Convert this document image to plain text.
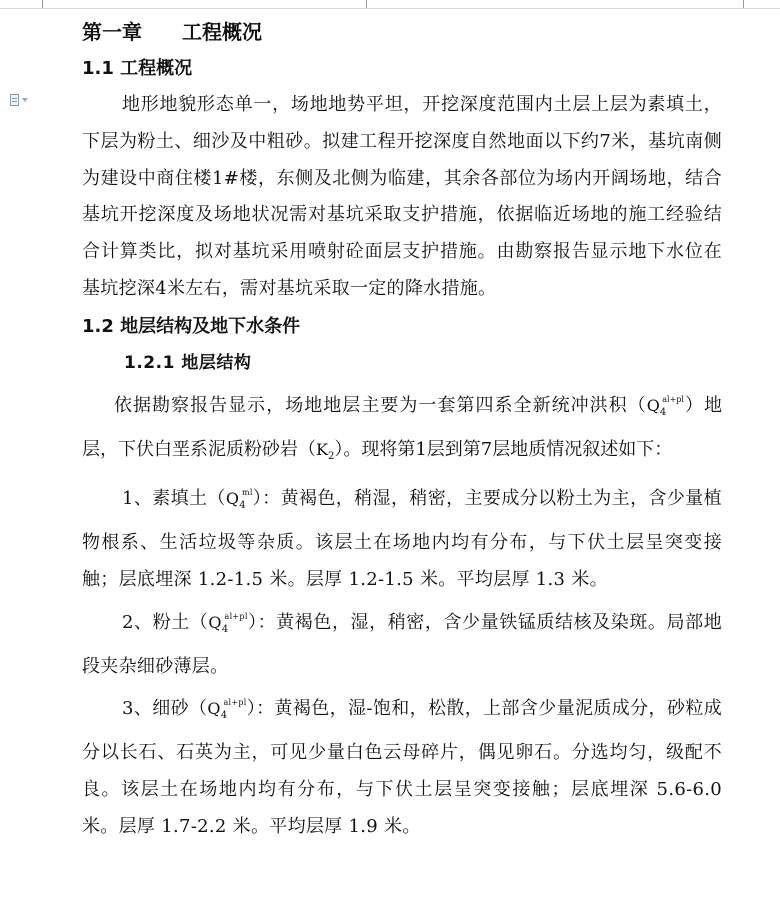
第一章 工程概况
1.1 工程概况

地形地貌形态单一，场地地势平坦，开挖深度范围内土层上层为素填土，下层为粉土、细沙及中粗砂。拟建工程开挖深度自然地面以下约7米，基坑南侧为建设中商住楼1#楼，东侧及北侧为临建，其余各部位为场内开阔场地，结合基坑开挖深度及场地状况需对基坑采取支护措施，依据临近场地的施工经验结合计算类比，拟对基坑采用喷射砼面层支护措施。由勘察报告显示地下水位在基坑挖深4米左右，需对基坑采取一定的降水措施。

1.2 地层结构及地下水条件
1.2.1 地层结构

依据勘察报告显示，场地地层主要为一套第四系全新统冲洪积$(Q_4^{al+pl})$地层，下伏白垩系泥质粉砂岩$(K_2)$。现将第1层到第7层地质情况叙述如下：

1、素填土$(Q_4^{ml})$：黄褐色，稍湿，稍密，主要成分以粉土为主，含少量植物根系、生活垃圾等杂质。该层土在场地内均有分布，与下伏土层呈突变接触；层底埋深 1.2-1.5 米。层厚 1.2-1.5 米。平均层厚 1.3 米。

2、粉土$(Q_4^{al+pl})$：黄褐色，湿，稍密，含少量铁锰质结核及染斑。局部地段夹杂细砂薄层。

3、细砂$(Q_4^{al+pl})$：黄褐色，湿-饱和，松散，上部含少量泥质成分，砂粒成分以长石、石英为主，可见少量白色云母碎片，偶见卵石。分选均匀，级配不良。该层土在场地内均有分布，与下伏土层呈突变接触；层底埋深 5.6-6.0 米。层厚 1.7-2.2 米。平均层厚 1.9 米。
